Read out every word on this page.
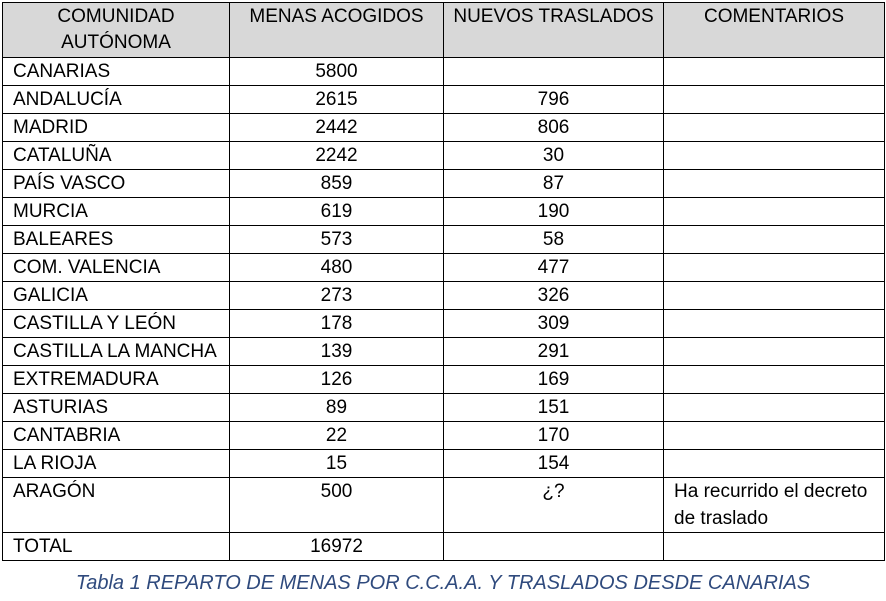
COMUNIDAD AUTÓNOMA	MENAS ACOGIDOS	NUEVOS TRASLADOS	COMENTARIOS
CANARIAS	5800		
ANDALUCÍA	2615	796	
MADRID	2442	806	
CATALUÑA	2242	30	
PAÍS VASCO	859	87	
MURCIA	619	190	
BALEARES	573	58	
COM. VALENCIA	480	477	
GALICIA	273	326	
CASTILLA Y LEÓN	178	309	
CASTILLA LA MANCHA	139	291	
EXTREMADURA	126	169	
ASTURIAS	89	151	
CANTABRIA	22	170	
LA RIOJA	15	154	
ARAGÓN	500	¿?	Ha recurrido el decreto de traslado
TOTAL	16972		
Tabla 1 REPARTO DE MENAS POR C.C.A.A. Y TRASLADOS DESDE CANARIAS
